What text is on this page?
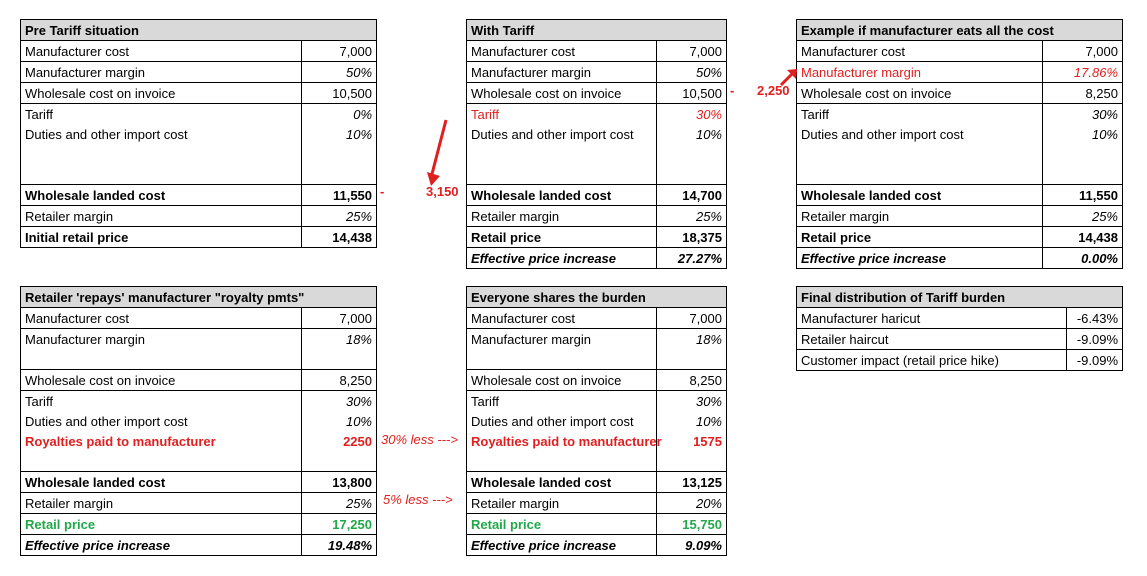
Pre Tariff situation	
Manufacturer cost	7,000
Manufacturer margin	50%
Wholesale cost on invoice	10,500
Tariff	0%
Duties and other import cost	10%

Wholesale landed cost	11,550
Retailer margin	25%
Initial retail price	14,438
With Tariff	
Manufacturer cost	7,000
Manufacturer margin	50%
Wholesale cost on invoice	10,500
Tariff	30%
Duties and other import cost	10%

Wholesale landed cost	14,700
Retailer margin	25%
Retail price	18,375
Effective price increase	27.27%
Example if manufacturer eats all the cost	
Manufacturer cost	7,000
Manufacturer margin	17.86%
Wholesale cost on invoice	8,250
Tariff	30%
Duties and other import cost	10%

Wholesale landed cost	11,550
Retailer margin	25%
Retail price	14,438
Effective price increase	0.00%
Retailer 'repays' manufacturer "royalty pmts"	
Manufacturer cost	7,000
Manufacturer margin	18%

Wholesale cost on invoice	8,250
Tariff	30%
Duties and other import cost	10%
Royalties paid to manufacturer	2250

Wholesale landed cost	13,800
Retailer margin	25%
Retail price	17,250
Effective price increase	19.48%
Everyone shares the burden	
Manufacturer cost	7,000
Manufacturer margin	18%

Wholesale cost on invoice	8,250
Tariff	30%
Duties and other import cost	10%
Royalties paid to manufacturer	1575

Wholesale landed cost	13,125
Retailer margin	20%
Retail price	15,750
Effective price increase	9.09%
Final distribution of Tariff burden	
Manufacturer haricut	-6.43%
Retailer haircut	-9.09%
Customer impact (retail price hike)	-9.09%
-	3,150
- 2,250
30% less --->
5% less --->
